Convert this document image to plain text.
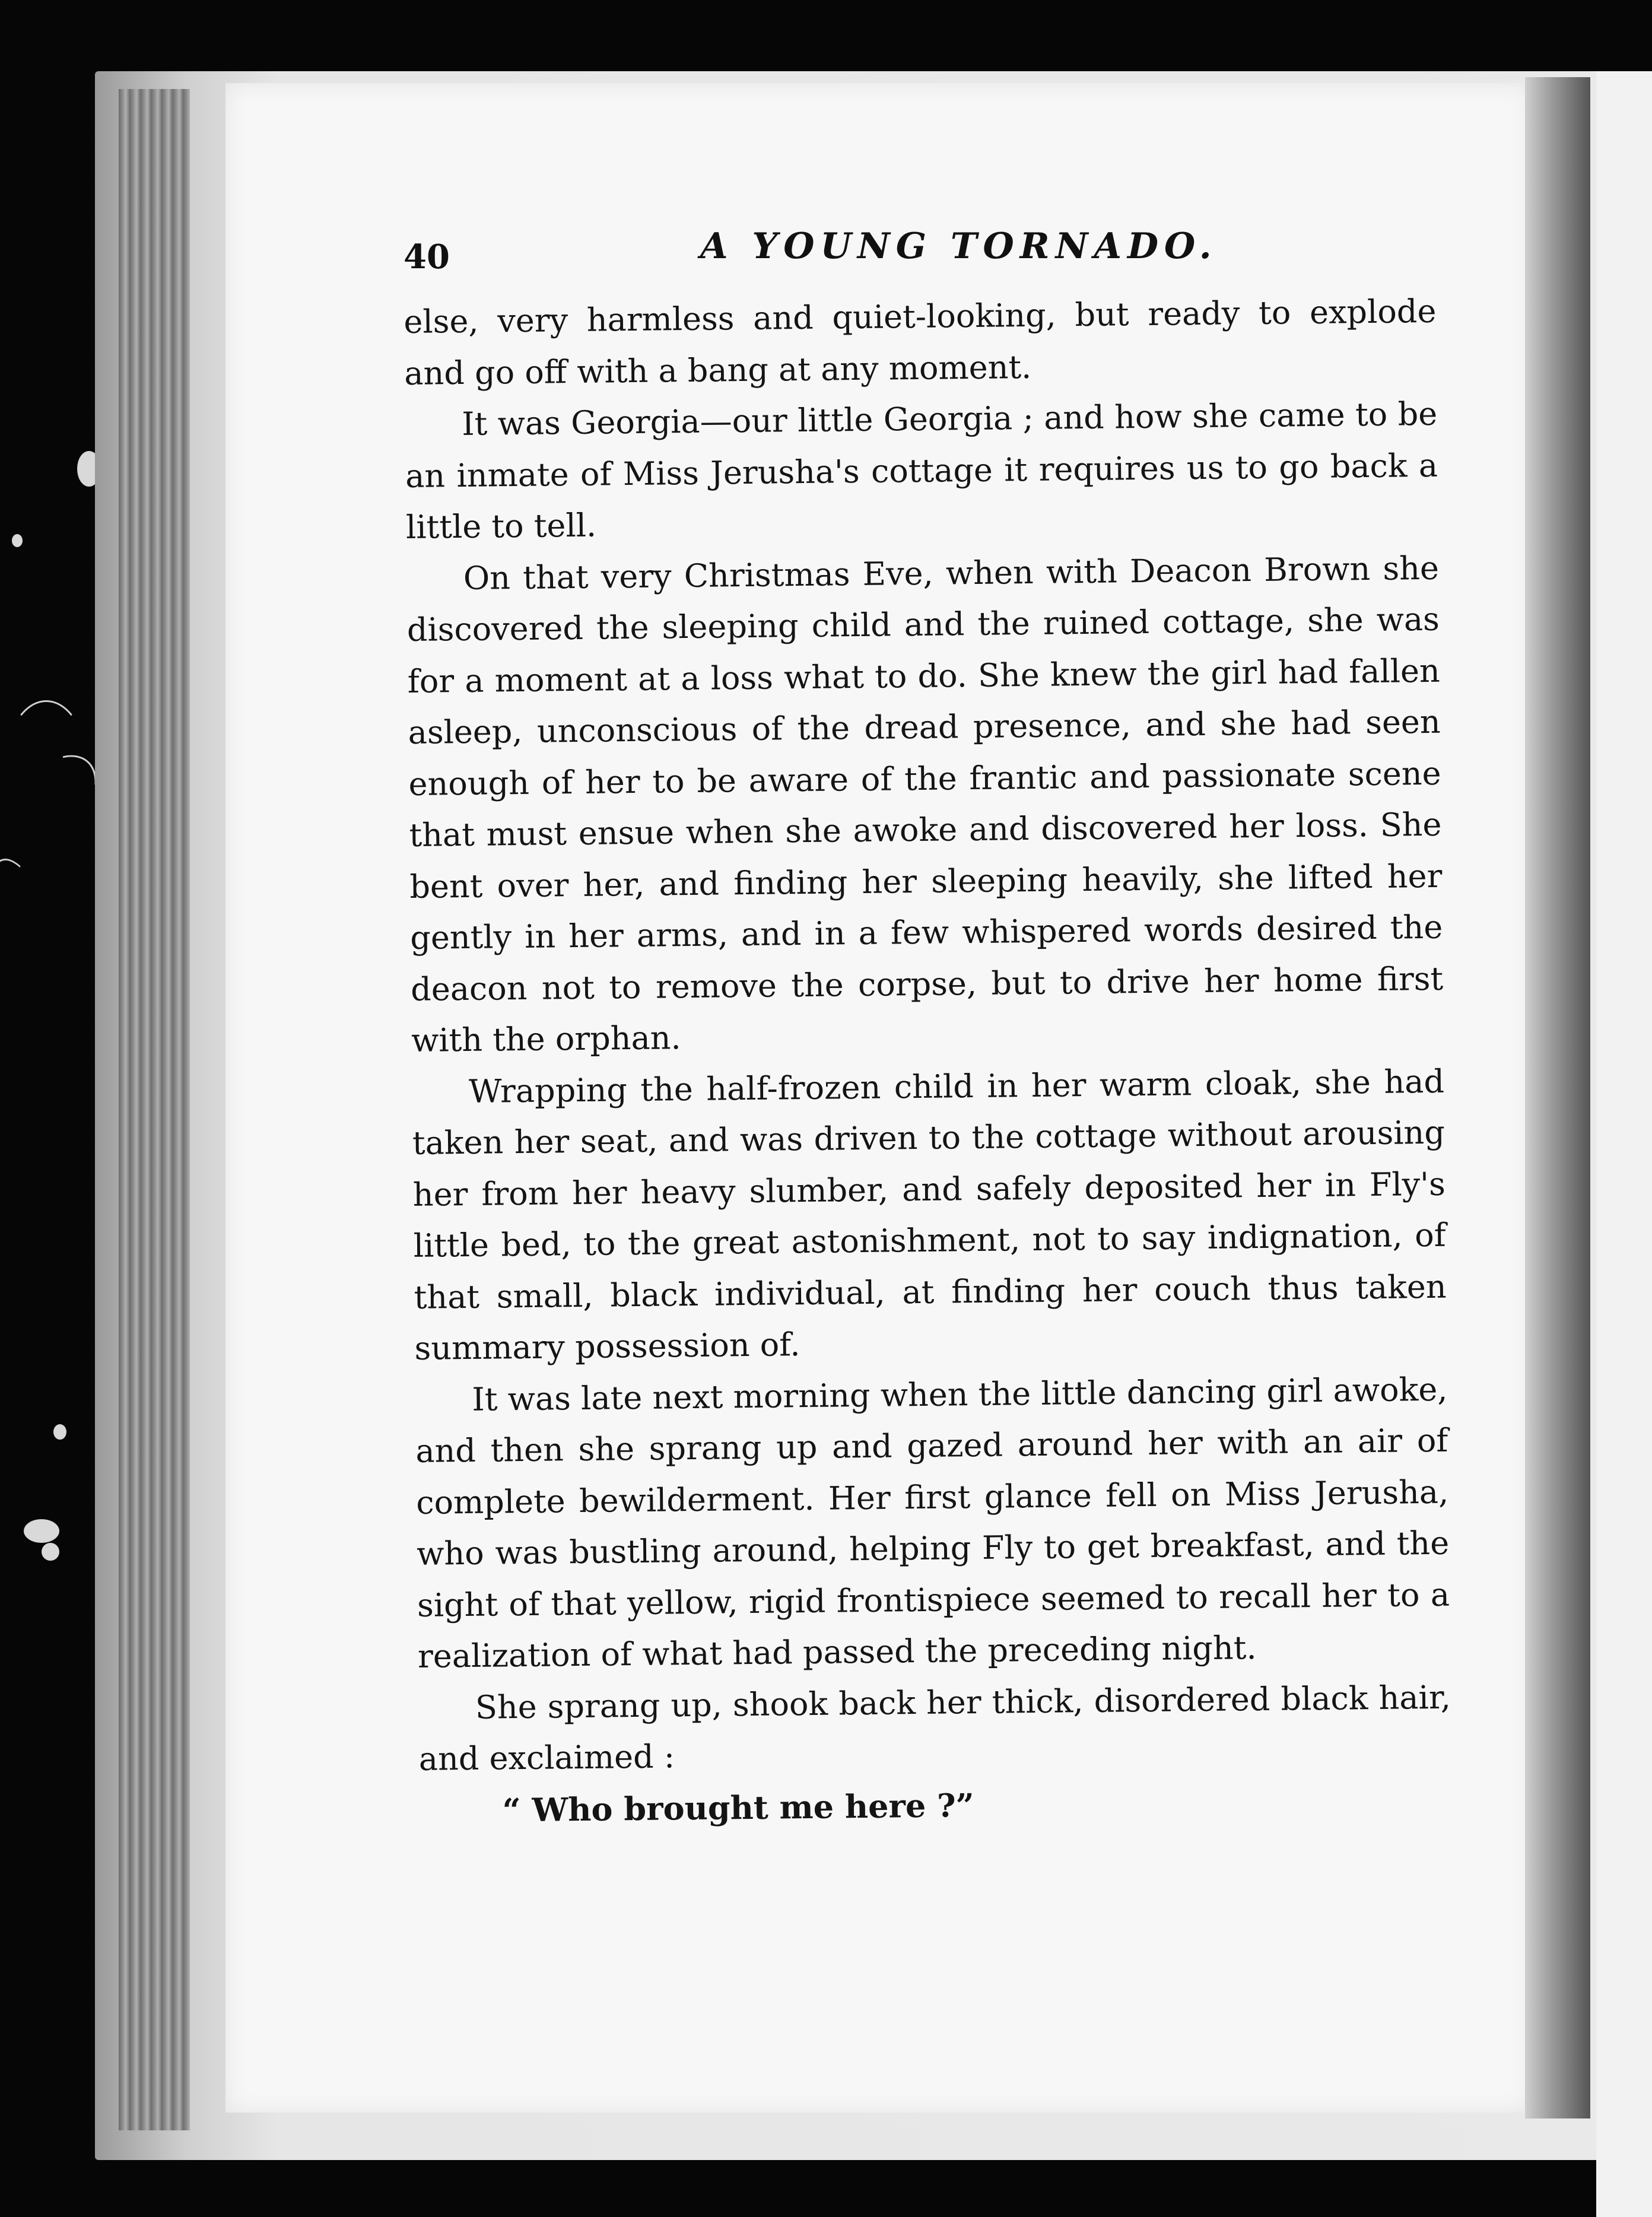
40	A YOUNG TORNADO.

else, very harmless and quiet-looking, but ready to explode and go off with a bang at any moment.

It was Georgia—our little Georgia ; and how she came to be an inmate of Miss Jerusha's cottage it requires us to go back a little to tell.

On that very Christmas Eve, when with Deacon Brown she discovered the sleeping child and the ruined cottage, she was for a moment at a loss what to do. She knew the girl had fallen asleep, unconscious of the dread presence, and she had seen enough of her to be aware of the frantic and passionate scene that must ensue when she awoke and discovered her loss. She bent over her, and finding her sleeping heavily, she lifted her gently in her arms, and in a few whispered words desired the deacon not to remove the corpse, but to drive her home first with the orphan.

Wrapping the half-frozen child in her warm cloak, she had taken her seat, and was driven to the cottage without arousing her from her heavy slumber, and safely deposited her in Fly's little bed, to the great astonishment, not to say indignation, of that small, black individual, at finding her couch thus taken summary possession of.

It was late next morning when the little dancing girl awoke, and then she sprang up and gazed around her with an air of complete bewilderment. Her first glance fell on Miss Jerusha, who was bustling around, helping Fly to get breakfast, and the sight of that yellow, rigid frontispiece seemed to recall her to a realization of what had passed the preceding night.

She sprang up, shook back her thick, disordered black hair, and exclaimed :

“ Who brought me here ?”
